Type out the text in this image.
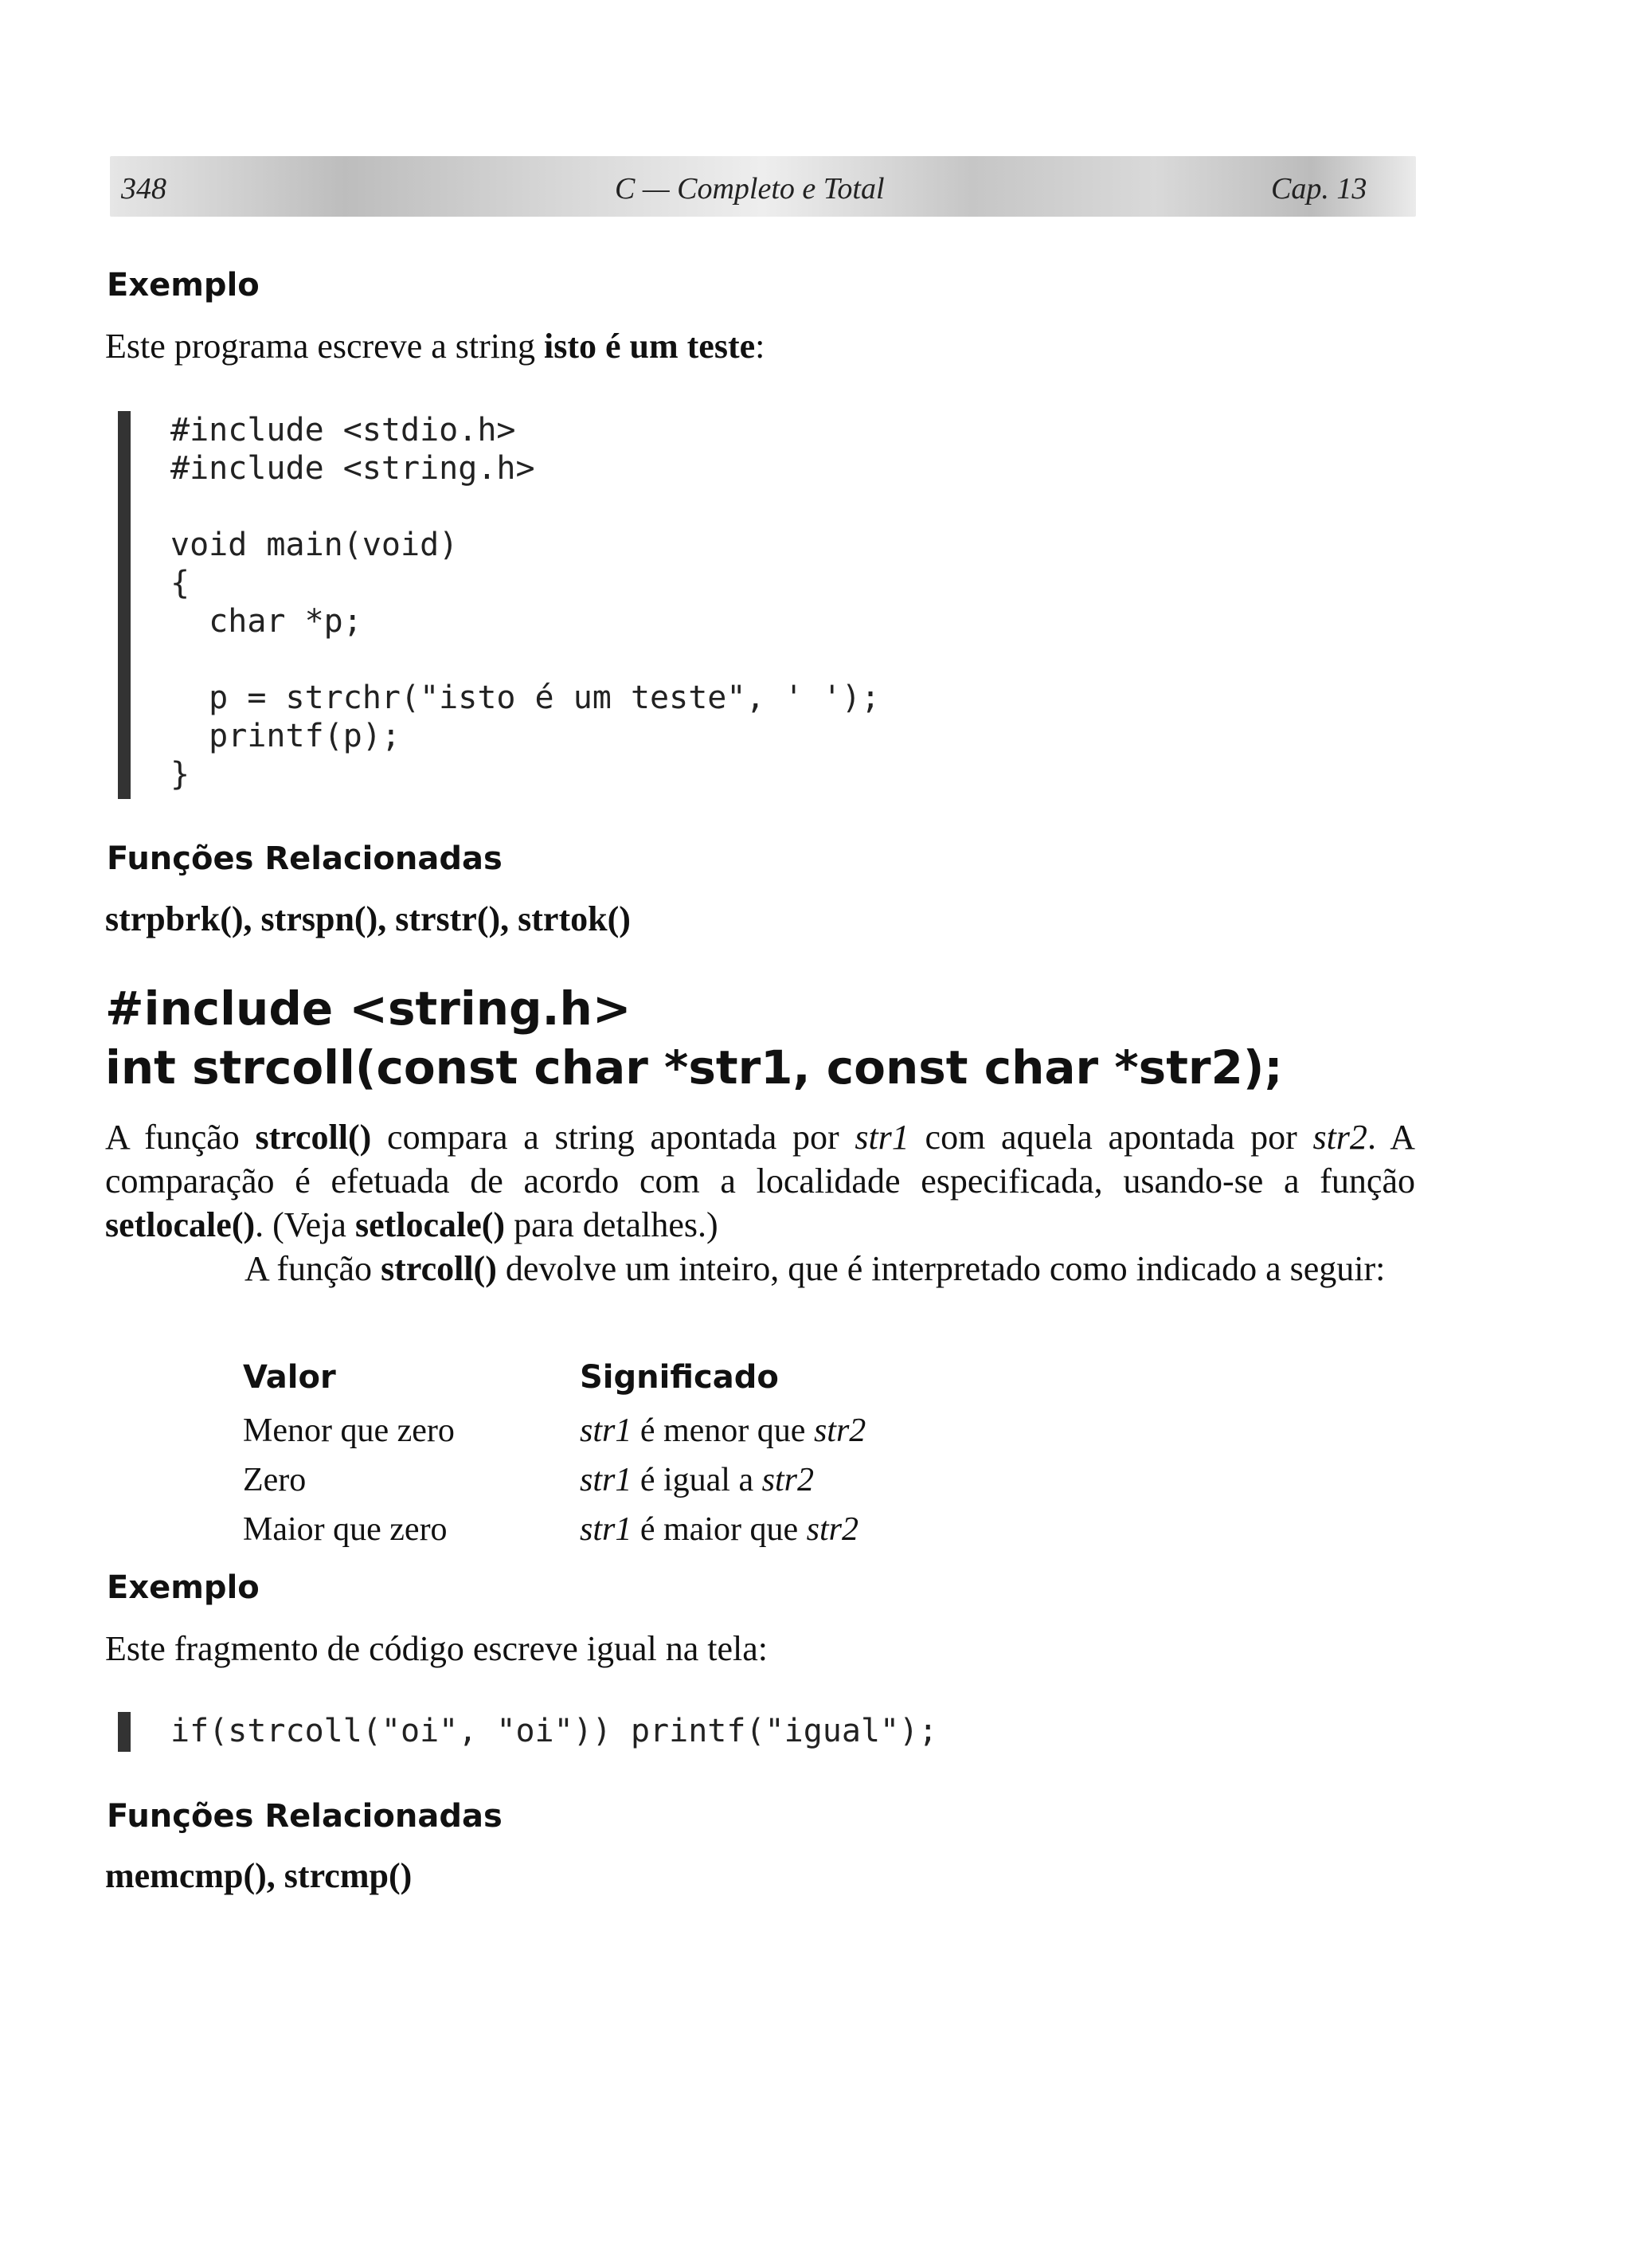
348	C — Completo e Total	Cap. 13
Exemplo
Este programa escreve a string isto é um teste:
#include <stdio.h>
#include <string.h>

void main(void)
{
char *p;

p = strchr("isto é um teste", ' ');
printf(p);
}
Funções Relacionadas
strpbrk(), strspn(), strstr(), strtok()
#include <string.h>
int strcoll(const char *str1, const char *str2);
A função strcoll() compara a string apontada por str1 com aquela apontada por str2. A comparação é efetuada de acordo com a localidade especificada, usando-se a função setlocale(). (Veja setlocale() para detalhes.)
A função strcoll() devolve um inteiro, que é interpretado como indicado a seguir:
Valor	Significado
Menor que zero	str1 é menor que str2
Zero	str1 é igual a str2
Maior que zero	str1 é maior que str2
Exemplo
Este fragmento de código escreve igual na tela:
if(strcoll("oi", "oi")) printf("igual");
Funções Relacionadas
memcmp(), strcmp()
